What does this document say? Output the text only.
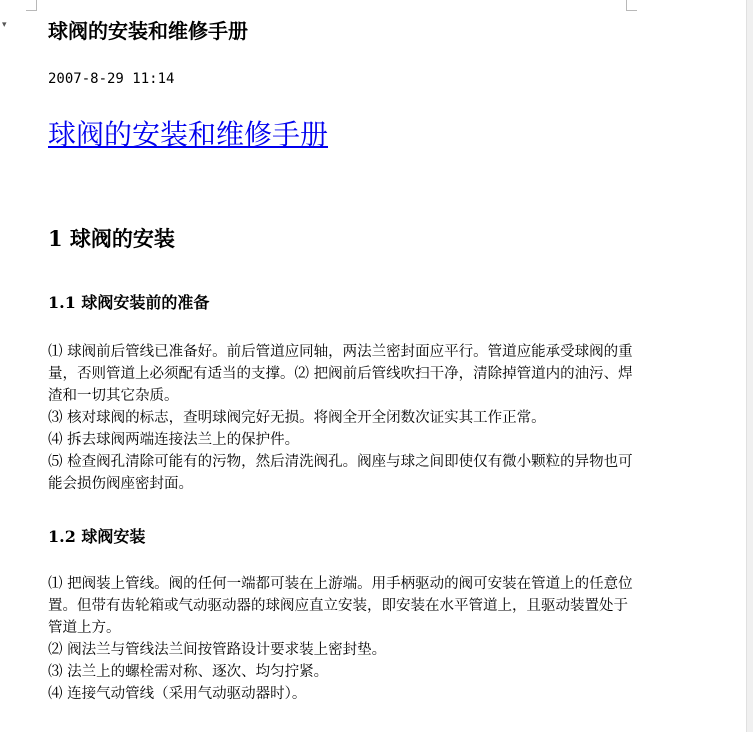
▾ 球阀的安装和维修手册
2007-8-29 11:14
球阀的安装和维修手册
1 球阀的安装
1.1 球阀安装前的准备

⑴ 球阀前后管线已准备好。前后管道应同轴，两法兰密封面应平行。管道应能承受球阀的重量，否则管道上必须配有适当的支撑。⑵ 把阀前后管线吹扫干净，清除掉管道内的油污、焊渣和一切其它杂质。

⑶ 核对球阀的标志，查明球阀完好无损。将阀全开全闭数次证实其工作正常。

⑷ 拆去球阀两端连接法兰上的保护件。

⑸ 检查阀孔清除可能有的污物，然后清洗阀孔。阀座与球之间即使仅有微小颗粒的异物也可能会损伤阀座密封面。

1.2 球阀安装

⑴ 把阀装上管线。阀的任何一端都可装在上游端。用手柄驱动的阀可安装在管道上的任意位置。但带有齿轮箱或气动驱动器的球阀应直立安装，即安装在水平管道上，且驱动装置处于管道上方。

⑵ 阀法兰与管线法兰间按管路设计要求装上密封垫。

⑶ 法兰上的螺栓需对称、逐次、均匀拧紧。

⑷ 连接气动管线（采用气动驱动器时）。
